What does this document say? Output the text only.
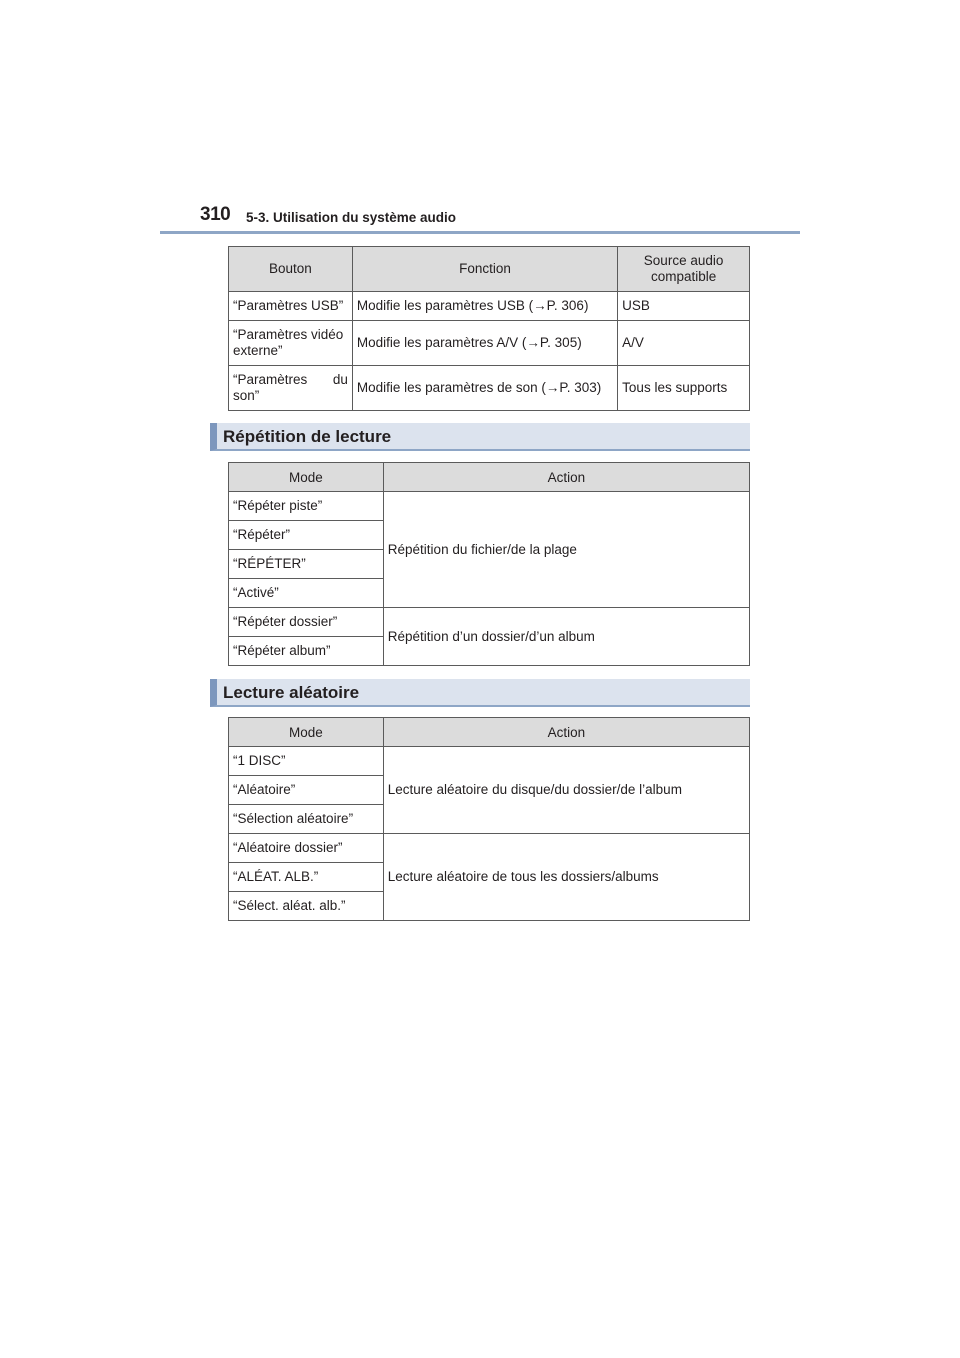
310 5-3. Utilisation du système audio
Bouton	Fonction	Source audio compatible
“Paramètres USB”	Modifie les paramètres USB (→P. 306)	USB
“Paramètres vidéo externe”	Modifie les paramètres A/V (→P. 305)	A/V
“Paramètres du son”	Modifie les paramètres de son (→P. 303)	Tous les supports
Répétition de lecture
Mode	Action
“Répéter piste”	Répétition du fichier/de la plage
“Répéter”	
“RÉPÉTER”	
“Activé”	
“Répéter dossier”	Répétition d’un dossier/d’un album
“Répéter album”	
Lecture aléatoire
Mode	Action
“1 DISC”	Lecture aléatoire du disque/du dossier/de l’album
“Aléatoire”	
“Sélection aléatoire”	
“Aléatoire dossier”	Lecture aléatoire de tous les dossiers/albums
“ALÉAT. ALB.”	
“Sélect. aléat. alb.”	
